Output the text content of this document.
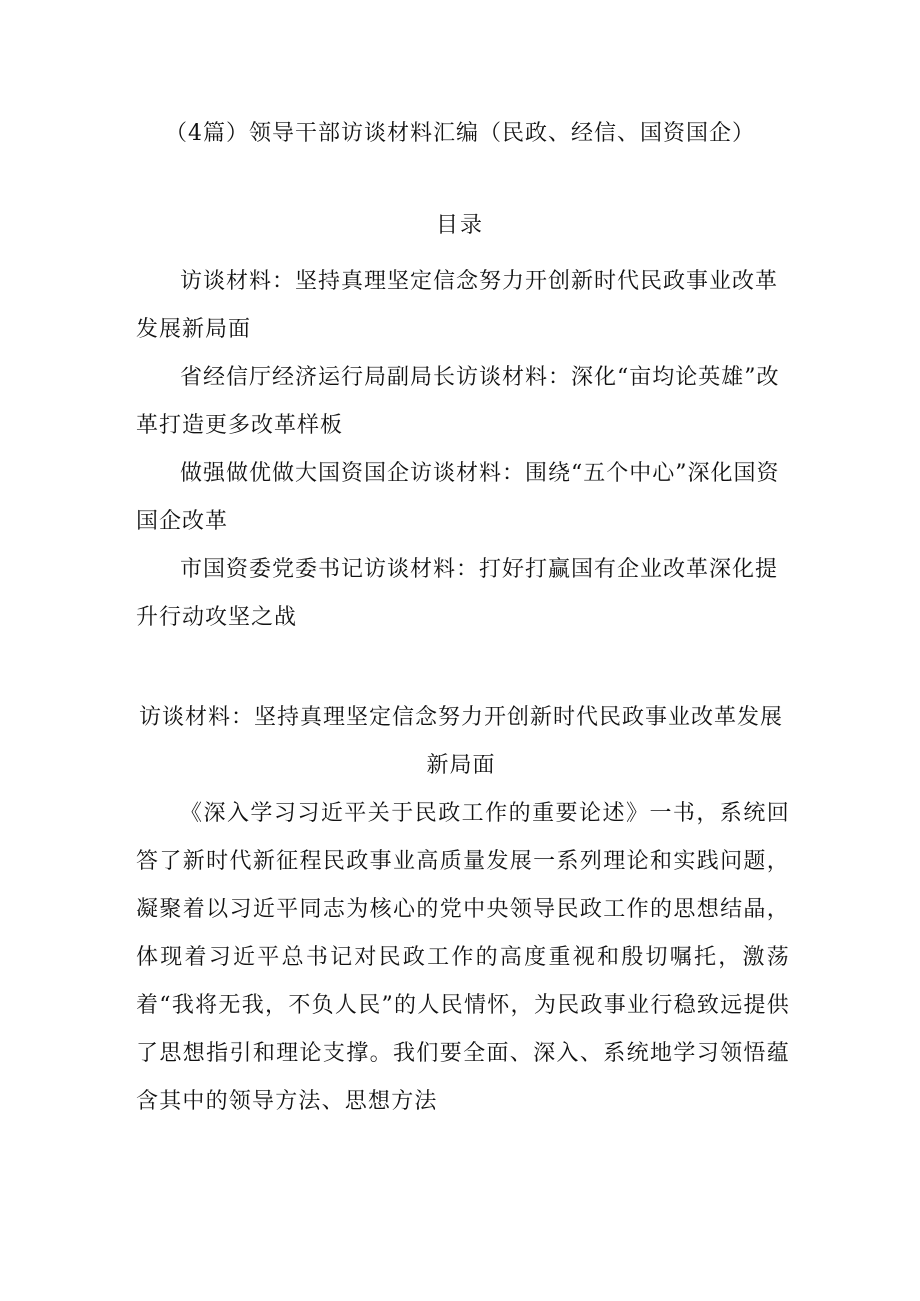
（4篇）领导干部访谈材料汇编（民政、经信、国资国企）
目录

访谈材料：坚持真理坚定信念努力开创新时代民政事业改革发展新局面

省经信厅经济运行局副局长访谈材料：深化“亩均论英雄”改革打造更多改革样板

做强做优做大国资国企访谈材料：围绕“五个中心”深化国资国企改革

市国资委党委书记访谈材料：打好打赢国有企业改革深化提升行动攻坚之战

访谈材料：坚持真理坚定信念努力开创新时代民政事业改革发展新局面

《深入学习习近平关于民政工作的重要论述》一书，系统回答了新时代新征程民政事业高质量发展一系列理论和实践问题，凝聚着以习近平同志为核心的党中央领导民政工作的思想结晶，体现着习近平总书记对民政工作的高度重视和殷切嘱托，激荡着“我将无我，不负人民”的人民情怀，为民政事业行稳致远提供了思想指引和理论支撑。我们要全面、深入、系统地学习领悟蕴含其中的领导方法、思想方法
